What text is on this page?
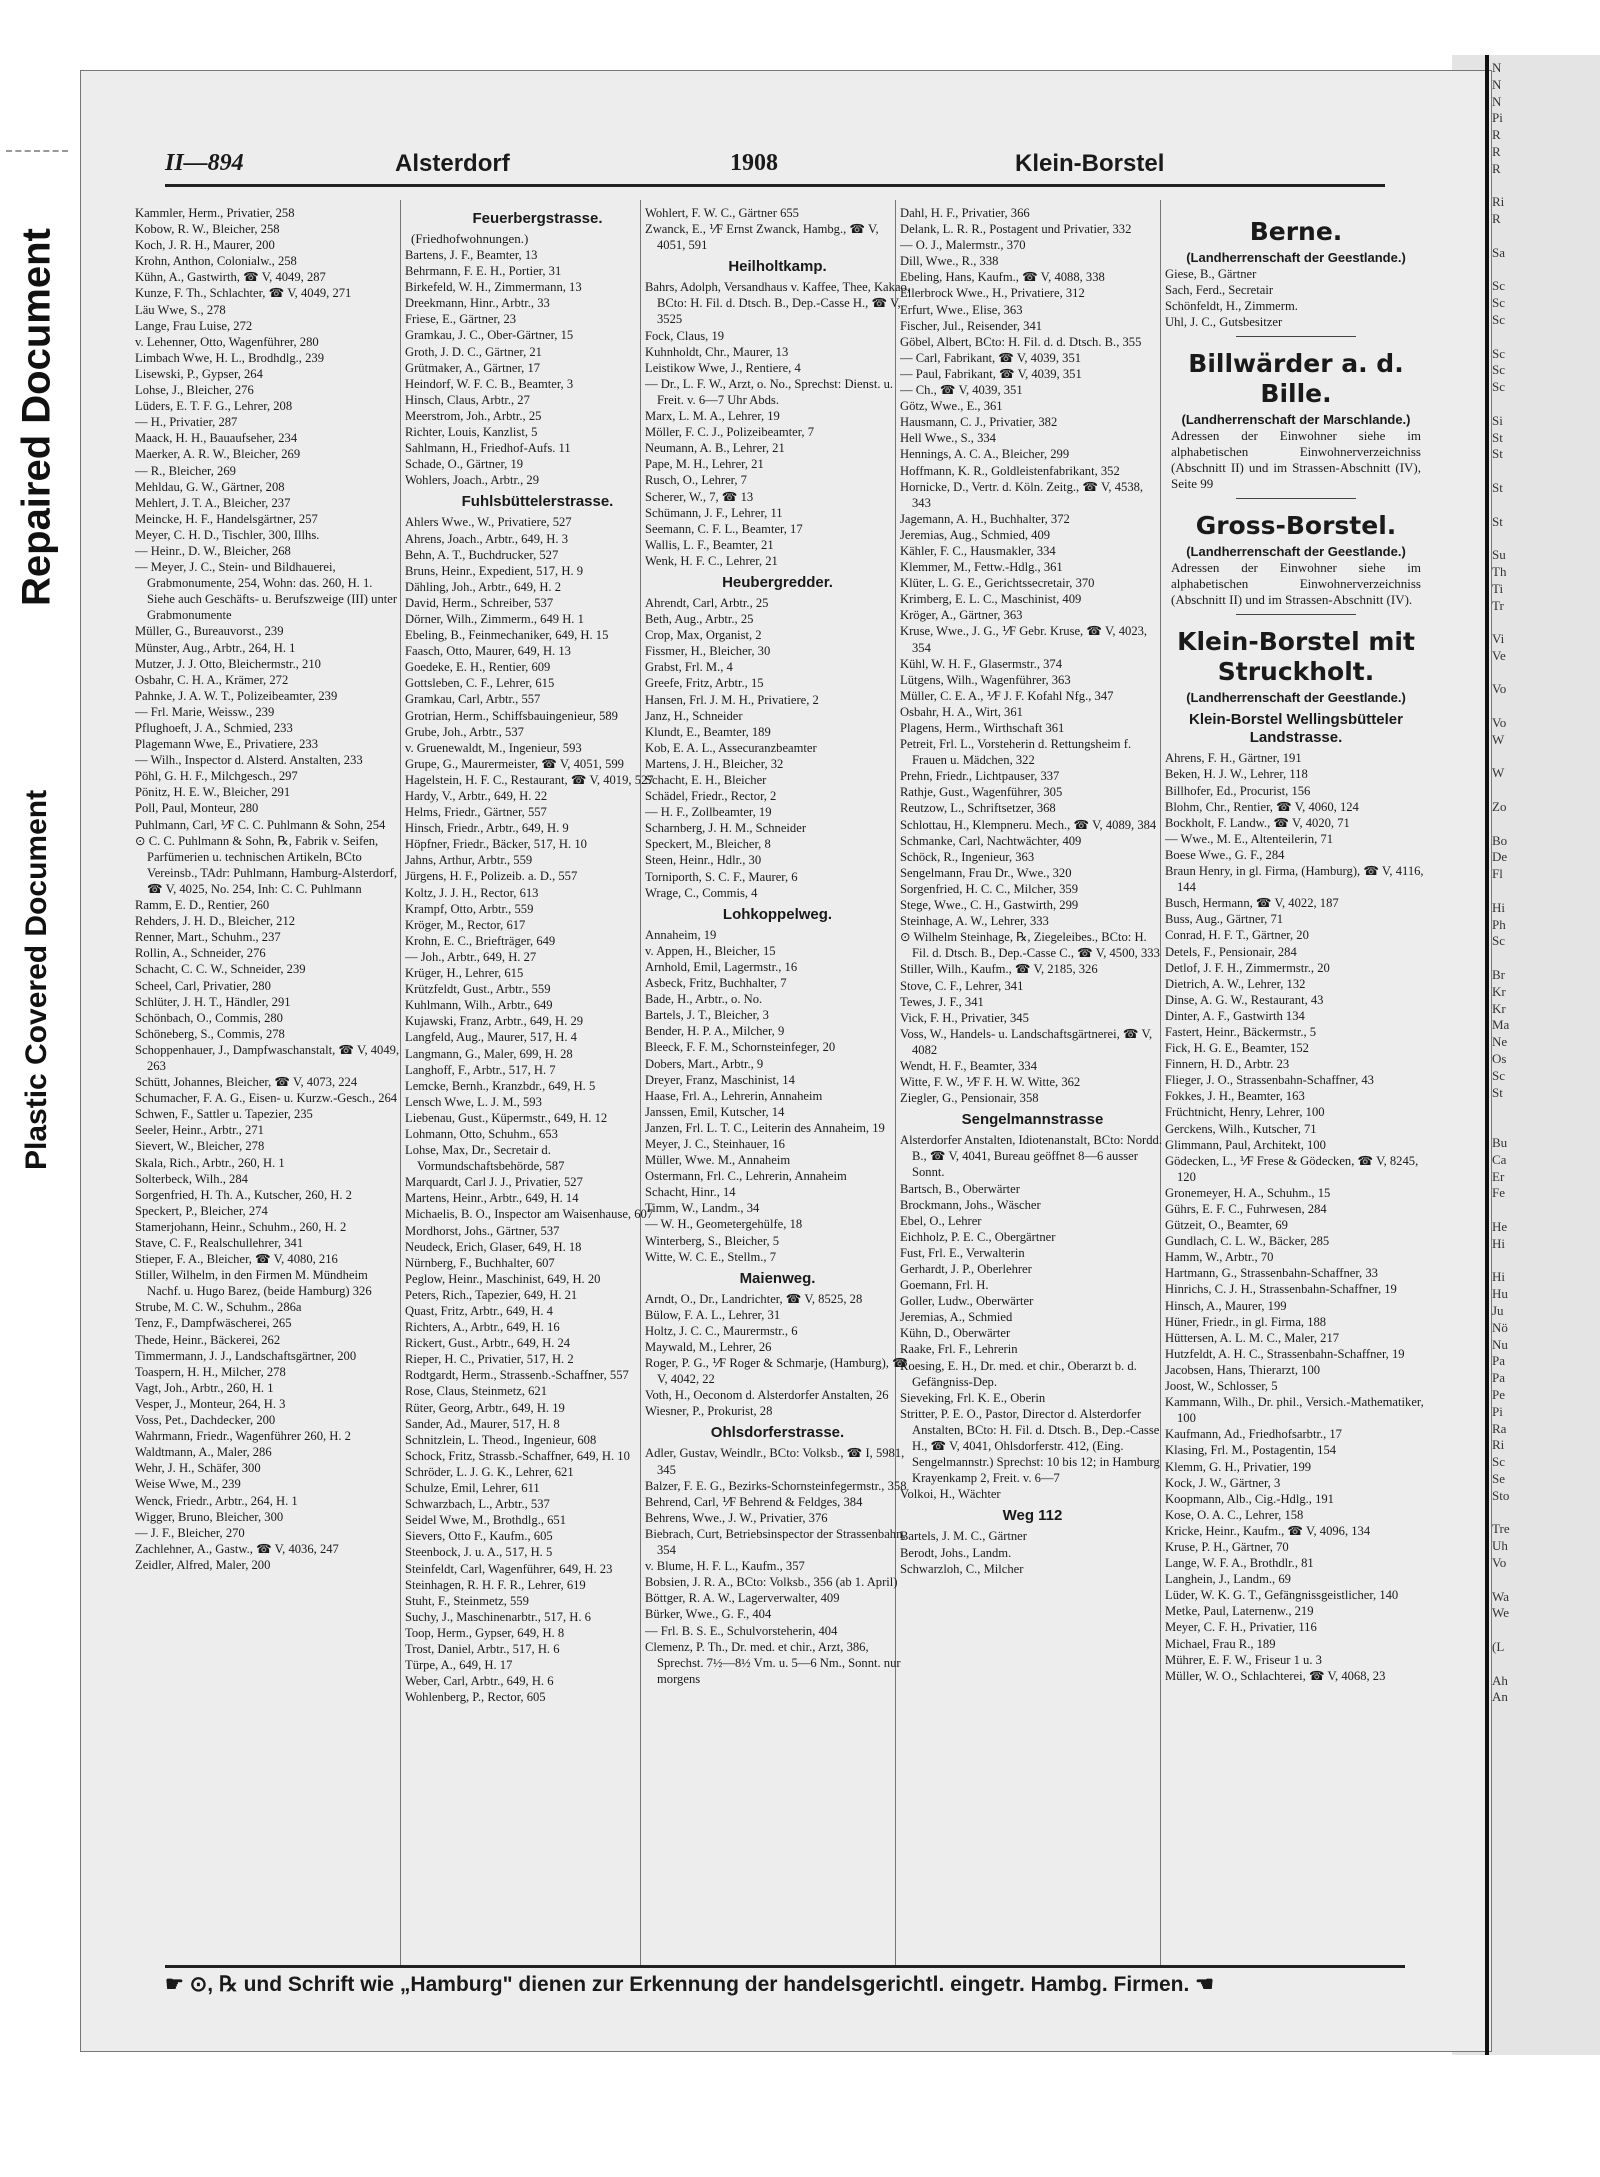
Repaired Document
Plastic Covered Document
N
N
N
Pi
R
R
R

Ri
R

Sa

Sc
Sc
Sc

Sc
Sc
Sc

Si
St
St

St

St

Su
Th
Ti
Tr

Vi
Ve

Vo

Vo
W

W

Zo

Bo
De
Fl

Hi
Ph
Sc

Br
Kr
Kr
Ma
Ne
Os
Sc
St

Bu
Ca
Er
Fe

He
Hi

Hi
Hu
Ju
Nö
Nu
Pa
Pa
Pe
Pi
Ra
Ri
Sc
Se
Sto

Tre
Uh
Vo

Wa
We

(L

Ah
An
II—894	Alsterdorf	1908	Klein-Borstel
Kammler, Herm., Privatier, 258
Kobow, R. W., Bleicher, 258
Koch, J. R. H., Maurer, 200
Krohn, Anthon, Colonialw., 258
Kühn, A., Gastwirth, ☎ V, 4049, 287
Kunze, F. Th., Schlachter, ☎ V, 4049, 271
Läu Wwe, S., 278
Lange, Frau Luise, 272
v. Lehenner, Otto, Wagenführer, 280
Limbach Wwe, H. L., Brodhdlg., 239
Lisewski, P., Gypser, 264
Lohse, J., Bleicher, 276
Lüders, E. T. F. G., Lehrer, 208
— H., Privatier, 287
Maack, H. H., Bauaufseher, 234
Maerker, A. R. W., Bleicher, 269
— R., Bleicher, 269
Mehldau, G. W., Gärtner, 208
Mehlert, J. T. A., Bleicher, 237
Meincke, H. F., Handelsgärtner, 257
Meyer, C. H. D., Tischler, 300, Illhs.
— Heinr., D. W., Bleicher, 268
— Meyer, J. C., Stein- und Bildhauerei, Grabmonumente, 254, Wohn: das. 260, H. 1. Siehe auch Geschäfts- u. Berufszweige (III) unter Grabmonumente
Müller, G., Bureauvorst., 239
Münster, Aug., Arbtr., 264, H. 1
Mutzer, J. J. Otto, Bleichermstr., 210
Osbahr, C. H. A., Krämer, 272
Pahnke, J. A. W. T., Polizeibeamter, 239
— Frl. Marie, Weissw., 239
Pflughoeft, J. A., Schmied, 233
Plagemann Wwe, E., Privatiere, 233
— Wilh., Inspector d. Alsterd. Anstalten, 233
Pöhl, G. H. F., Milchgesch., 297
Pönitz, H. E. W., Bleicher, 291
Poll, Paul, Monteur, 280
Puhlmann, Carl, ⅟F C. C. Puhlmann & Sohn, 254
⊙ C. C. Puhlmann & Sohn, ℞, Fabrik v. Seifen, Parfümerien u. technischen Artikeln, BCto Vereinsb., TAdr: Puhlmann, Hamburg-Alsterdorf, ☎ V, 4025, No. 254, Inh: C. C. Puhlmann
Ramm, E. D., Rentier, 260
Rehders, J. H. D., Bleicher, 212
Renner, Mart., Schuhm., 237
Rollin, A., Schneider, 276
Schacht, C. C. W., Schneider, 239
Scheel, Carl, Privatier, 280
Schlüter, J. H. T., Händler, 291
Schönbach, O., Commis, 280
Schöneberg, S., Commis, 278
Schoppenhauer, J., Dampfwaschanstalt, ☎ V, 4049, 263
Schütt, Johannes, Bleicher, ☎ V, 4073, 224
Schumacher, F. A. G., Eisen- u. Kurzw.-Gesch., 264
Schwen, F., Sattler u. Tapezier, 235
Seeler, Heinr., Arbtr., 271
Sievert, W., Bleicher, 278
Skala, Rich., Arbtr., 260, H. 1
Solterbeck, Wilh., 284
Sorgenfried, H. Th. A., Kutscher, 260, H. 2
Speckert, P., Bleicher, 274
Stamerjohann, Heinr., Schuhm., 260, H. 2
Stave, C. F., Realschullehrer, 341
Stieper, F. A., Bleicher, ☎ V, 4080, 216
Stiller, Wilhelm, in den Firmen M. Mündheim Nachf. u. Hugo Barez, (beide Hamburg) 326
Strube, M. C. W., Schuhm., 286a
Tenz, F., Dampfwäscherei, 265
Thede, Heinr., Bäckerei, 262
Timmermann, J. J., Landschaftsgärtner, 200
Toaspern, H. H., Milcher, 278
Vagt, Joh., Arbtr., 260, H. 1
Vesper, J., Monteur, 264, H. 3
Voss, Pet., Dachdecker, 200
Wahrmann, Friedr., Wagenführer 260, H. 2
Waldtmann, A., Maler, 286
Wehr, J. H., Schäfer, 300
Weise Wwe, M., 239
Wenck, Friedr., Arbtr., 264, H. 1
Wigger, Bruno, Bleicher, 300
— J. F., Bleicher, 270
Zachlehner, A., Gastw., ☎ V, 4036, 247
Zeidler, Alfred, Maler, 200
Feuerbergstrasse.
(Friedhofwohnungen.)
Bartens, J. F., Beamter, 13
Behrmann, F. E. H., Portier, 31
Birkefeld, W. H., Zimmermann, 13
Dreekmann, Hinr., Arbtr., 33
Friese, E., Gärtner, 23
Gramkau, J. C., Ober-Gärtner, 15
Groth, J. D. C., Gärtner, 21
Grütmaker, A., Gärtner, 17
Heindorf, W. F. C. B., Beamter, 3
Hinsch, Claus, Arbtr., 27
Meerstrom, Joh., Arbtr., 25
Richter, Louis, Kanzlist, 5
Sahlmann, H., Friedhof-Aufs. 11
Schade, O., Gärtner, 19
Wohlers, Joach., Arbtr., 29
Fuhlsbüttelerstrasse.
Ahlers Wwe., W., Privatiere, 527
Ahrens, Joach., Arbtr., 649, H. 3
Behn, A. T., Buchdrucker, 527
Bruns, Heinr., Expedient, 517, H. 9
Dähling, Joh., Arbtr., 649, H. 2
David, Herm., Schreiber, 537
Dörner, Wilh., Zimmerm., 649 H. 1
Ebeling, B., Feinmechaniker, 649, H. 15
Faasch, Otto, Maurer, 649, H. 13
Goedeke, E. H., Rentier, 609
Gottsleben, C. F., Lehrer, 615
Gramkau, Carl, Arbtr., 557
Grotrian, Herm., Schiffsbauingenieur, 589
Grube, Joh., Arbtr., 537
v. Gruenewaldt, M., Ingenieur, 593
Grupe, G., Maurermeister, ☎ V, 4051, 599
Hagelstein, H. F. C., Restaurant, ☎ V, 4019, 527
Hardy, V., Arbtr., 649, H. 22
Helms, Friedr., Gärtner, 557
Hinsch, Friedr., Arbtr., 649, H. 9
Höpfner, Friedr., Bäcker, 517, H. 10
Jahns, Arthur, Arbtr., 559
Jürgens, H. F., Polizeib. a. D., 557
Koltz, J. J. H., Rector, 613
Krampf, Otto, Arbtr., 559
Kröger, M., Rector, 617
Krohn, E. C., Briefträger, 649
— Joh., Arbtr., 649, H. 27
Krüger, H., Lehrer, 615
Krützfeldt, Gust., Arbtr., 559
Kuhlmann, Wilh., Arbtr., 649
Kujawski, Franz, Arbtr., 649, H. 29
Langfeld, Aug., Maurer, 517, H. 4
Langmann, G., Maler, 699, H. 28
Langhoff, F., Arbtr., 517, H. 7
Lemcke, Bernh., Kranzbdr., 649, H. 5
Lensch Wwe, L. J. M., 593
Liebenau, Gust., Küpermstr., 649, H. 12
Lohmann, Otto, Schuhm., 653
Lohse, Max, Dr., Secretair d. Vormundschaftsbehörde, 587
Marquardt, Carl J. J., Privatier, 527
Martens, Heinr., Arbtr., 649, H. 14
Michaelis, B. O., Inspector am Waisenhause, 607
Mordhorst, Johs., Gärtner, 537
Neudeck, Erich, Glaser, 649, H. 18
Nürnberg, F., Buchhalter, 607
Peglow, Heinr., Maschinist, 649, H. 20
Peters, Rich., Tapezier, 649, H. 21
Quast, Fritz, Arbtr., 649, H. 4
Richters, A., Arbtr., 649, H. 16
Rickert, Gust., Arbtr., 649, H. 24
Rieper, H. C., Privatier, 517, H. 2
Rodtgardt, Herm., Strassenb.-Schaffner, 557
Rose, Claus, Steinmetz, 621
Rüter, Georg, Arbtr., 649, H. 19
Sander, Ad., Maurer, 517, H. 8
Schnitzlein, L. Theod., Ingenieur, 608
Schock, Fritz, Strassb.-Schaffner, 649, H. 10
Schröder, L. J. G. K., Lehrer, 621
Schulze, Emil, Lehrer, 611
Schwarzbach, L., Arbtr., 537
Seidel Wwe, M., Brothdlg., 651
Sievers, Otto F., Kaufm., 605
Steenbock, J. u. A., 517, H. 5
Steinfeldt, Carl, Wagenführer, 649, H. 23
Steinhagen, R. H. F. R., Lehrer, 619
Stuht, F., Steinmetz, 559
Suchy, J., Maschinenarbtr., 517, H. 6
Toop, Herm., Gypser, 649, H. 8
Trost, Daniel, Arbtr., 517, H. 6
Türpe, A., 649, H. 17
Weber, Carl, Arbtr., 649, H. 6
Wohlenberg, P., Rector, 605
Wohlert, F. W. C., Gärtner 655
Zwanck, E., ⅟F Ernst Zwanck, Hambg., ☎ V, 4051, 591
Heilholtkamp.
Bahrs, Adolph, Versandhaus v. Kaffee, Thee, Kakao, BCto: H. Fil. d. Dtsch. B., Dep.-Casse H., ☎ V, 3525
Fock, Claus, 19
Kuhnholdt, Chr., Maurer, 13
Leistikow Wwe, J., Rentiere, 4
— Dr., L. F. W., Arzt, o. No., Sprechst: Dienst. u. Freit. v. 6—7 Uhr Abds.
Marx, L. M. A., Lehrer, 19
Möller, F. C. J., Polizeibeamter, 7
Neumann, A. B., Lehrer, 21
Pape, M. H., Lehrer, 21
Rusch, O., Lehrer, 7
Scherer, W., 7, ☎ 13
Schümann, J. F., Lehrer, 11
Seemann, C. F. L., Beamter, 17
Wallis, L. F., Beamter, 21
Wenk, H. F. C., Lehrer, 21
Heubergredder.
Ahrendt, Carl, Arbtr., 25
Beth, Aug., Arbtr., 25
Crop, Max, Organist, 2
Fissmer, H., Bleicher, 30
Grabst, Frl. M., 4
Greefe, Fritz, Arbtr., 15
Hansen, Frl. J. M. H., Privatiere, 2
Janz, H., Schneider
Klundt, E., Beamter, 189
Kob, E. A. L., Assecuranzbeamter
Martens, J. H., Bleicher, 32
Schacht, E. H., Bleicher
Schädel, Friedr., Rector, 2
— H. F., Zollbeamter, 19
Scharnberg, J. H. M., Schneider
Speckert, M., Bleicher, 8
Steen, Heinr., Hdlr., 30
Torniporth, S. C. F., Maurer, 6
Wrage, C., Commis, 4
Lohkoppelweg.
Annaheim, 19
v. Appen, H., Bleicher, 15
Arnhold, Emil, Lagermstr., 16
Asbeck, Fritz, Buchhalter, 7
Bade, H., Arbtr., o. No.
Bartels, J. T., Bleicher, 3
Bender, H. P. A., Milcher, 9
Bleeck, F. F. M., Schornsteinfeger, 20
Dobers, Mart., Arbtr., 9
Dreyer, Franz, Maschinist, 14
Haase, Frl. A., Lehrerin, Annaheim
Janssen, Emil, Kutscher, 14
Janzen, Frl. L. T. C., Leiterin des Annaheim, 19
Meyer, J. C., Steinhauer, 16
Müller, Wwe. M., Annaheim
Ostermann, Frl. C., Lehrerin, Annaheim
Schacht, Hinr., 14
Timm, W., Landm., 34
— W. H., Geometergehülfe, 18
Winterberg, S., Bleicher, 5
Witte, W. C. E., Stellm., 7
Maienweg.
Arndt, O., Dr., Landrichter, ☎ V, 8525, 28
Bülow, F. A. L., Lehrer, 31
Holtz, J. C. C., Maurermstr., 6
Maywald, M., Lehrer, 26
Roger, P. G., ⅟F Roger & Schmarje, (Hamburg), ☎ V, 4042, 22
Voth, H., Oeconom d. Alsterdorfer Anstalten, 26
Wiesner, P., Prokurist, 28
Ohlsdorferstrasse.
Adler, Gustav, Weindlr., BCto: Volksb., ☎ I, 5981, 345
Balzer, F. E. G., Bezirks-Schornsteinfegermstr., 358
Behrend, Carl, ⅟F Behrend & Feldges, 384
Behrens, Wwe., J. W., Privatier, 376
Biebrach, Curt, Betriebsinspector der Strassenbahn, 354
v. Blume, H. F. L., Kaufm., 357
Bobsien, J. R. A., BCto: Volksb., 356 (ab 1. April)
Böttger, R. A. W., Lagerverwalter, 409
Bürker, Wwe., G. F., 404
— Frl. B. S. E., Schulvorsteherin, 404
Clemenz, P. Th., Dr. med. et chir., Arzt, 386, Sprechst. 7½—8½ Vm. u. 5—6 Nm., Sonnt. nur morgens
Dahl, H. F., Privatier, 366
Delank, L. R. R., Postagent und Privatier, 332
— O. J., Malermstr., 370
Dill, Wwe., R., 338
Ebeling, Hans, Kaufm., ☎ V, 4088, 338
Ellerbrock Wwe., H., Privatiere, 312
Erfurt, Wwe., Elise, 363
Fischer, Jul., Reisender, 341
Göbel, Albert, BCto: H. Fil. d. d. Dtsch. B., 355
— Carl, Fabrikant, ☎ V, 4039, 351
— Paul, Fabrikant, ☎ V, 4039, 351
— Ch., ☎ V, 4039, 351
Götz, Wwe., E., 361
Hausmann, C. J., Privatier, 382
Hell Wwe., S., 334
Hennings, A. C. A., Bleicher, 299
Hoffmann, K. R., Goldleistenfabrikant, 352
Hornicke, D., Vertr. d. Köln. Zeitg., ☎ V, 4538, 343
Jagemann, A. H., Buchhalter, 372
Jeremias, Aug., Schmied, 409
Kähler, F. C., Hausmakler, 334
Klemmer, M., Fettw.-Hdlg., 361
Klüter, L. G. E., Gerichtssecretair, 370
Krimberg, E. L. C., Maschinist, 409
Kröger, A., Gärtner, 363
Kruse, Wwe., J. G., ⅟F Gebr. Kruse, ☎ V, 4023, 354
Kühl, W. H. F., Glasermstr., 374
Lütgens, Wilh., Wagenführer, 363
Müller, C. E. A., ⅟F J. F. Kofahl Nfg., 347
Osbahr, H. A., Wirt, 361
Plagens, Herm., Wirthschaft 361
Petreit, Frl. L., Vorsteherin d. Rettungsheim f. Frauen u. Mädchen, 322
Prehn, Friedr., Lichtpauser, 337
Rathje, Gust., Wagenführer, 305
Reutzow, L., Schriftsetzer, 368
Schlottau, H., Klempneru. Mech., ☎ V, 4089, 384
Schmanke, Carl, Nachtwächter, 409
Schöck, R., Ingenieur, 363
Sengelmann, Frau Dr., Wwe., 320
Sorgenfried, H. C. C., Milcher, 359
Stege, Wwe., C. H., Gastwirth, 299
Steinhage, A. W., Lehrer, 333
⊙ Wilhelm Steinhage, ℞, Ziegeleibes., BCto: H. Fil. d. Dtsch. B., Dep.-Casse C., ☎ V, 4500, 333
Stiller, Wilh., Kaufm., ☎ V, 2185, 326
Stove, C. F., Lehrer, 341
Tewes, J. F., 341
Vick, F. H., Privatier, 345
Voss, W., Handels- u. Landschaftsgärtnerei, ☎ V, 4082
Wendt, H. F., Beamter, 334
Witte, F. W., ⅟F F. H. W. Witte, 362
Ziegler, G., Pensionair, 358
Sengelmannstrasse
Alsterdorfer Anstalten, Idiotenanstalt, BCto: Nordd. B., ☎ V, 4041, Bureau geöffnet 8—6 ausser Sonnt.
Bartsch, B., Oberwärter
Brockmann, Johs., Wäscher
Ebel, O., Lehrer
Eichholz, P. E. C., Obergärtner
Fust, Frl. E., Verwalterin
Gerhardt, J. P., Oberlehrer
Goemann, Frl. H.
Goller, Ludw., Oberwärter
Jeremias, A., Schmied
Kühn, D., Oberwärter
Raake, Frl. F., Lehrerin
Roesing, E. H., Dr. med. et chir., Oberarzt b. d. Gefängniss-Dep.
Sieveking, Frl. K. E., Oberin
Stritter, P. E. O., Pastor, Director d. Alsterdorfer Anstalten, BCto: H. Fil. d. Dtsch. B., Dep.-Casse H., ☎ V, 4041, Ohlsdorferstr. 412, (Eing. Sengelmannstr.) Sprechst: 10 bis 12; in Hamburg Krayenkamp 2, Freit. v. 6—7
Volkoi, H., Wächter
Weg 112
Bartels, J. M. C., Gärtner
Berodt, Johs., Landm.
Schwarzloh, C., Milcher
Berne.
(Landherrenschaft der Geestlande.)
Giese, B., Gärtner
Sach, Ferd., Secretair
Schönfeldt, H., Zimmerm.
Uhl, J. C., Gutsbesitzer
Billwärder a. d. Bille.
(Landherrenschaft der Marschlande.)
Adressen der Einwohner siehe im alphabetischen Einwohnerverzeichniss (Abschnitt II) und im Strassen-Abschnitt (IV), Seite 99
Gross-Borstel.
(Landherrenschaft der Geestlande.)
Adressen der Einwohner siehe im alphabetischen Einwohnerverzeichniss (Abschnitt II) und im Strassen-Abschnitt (IV).
Klein-Borstel mit Struckholt.
(Landherrenschaft der Geestlande.)
Klein-Borstel Wellingsbütteler Landstrasse.
Ahrens, F. H., Gärtner, 191
Beken, H. J. W., Lehrer, 118
Billhofer, Ed., Procurist, 156
Blohm, Chr., Rentier, ☎ V, 4060, 124
Bockholt, F. Landw., ☎ V, 4020, 71
— Wwe., M. E., Altenteilerin, 71
Boese Wwe., G. F., 284
Braun Henry, in gl. Firma, (Hamburg), ☎ V, 4116, 144
Busch, Hermann, ☎ V, 4022, 187
Buss, Aug., Gärtner, 71
Conrad, H. F. T., Gärtner, 20
Detels, F., Pensionair, 284
Detlof, J. F. H., Zimmermstr., 20
Dietrich, A. W., Lehrer, 132
Dinse, A. G. W., Restaurant, 43
Dinter, A. F., Gastwirth 134
Fastert, Heinr., Bäckermstr., 5
Fick, H. G. E., Beamter, 152
Finnern, H. D., Arbtr. 23
Flieger, J. O., Strassenbahn-Schaffner, 43
Fokkes, J. H., Beamter, 163
Früchtnicht, Henry, Lehrer, 100
Gerckens, Wilh., Kutscher, 71
Glimmann, Paul, Architekt, 100
Gödecken, L., ⅟F Frese & Gödecken, ☎ V, 8245, 120
Gronemeyer, H. A., Schuhm., 15
Gührs, E. F. C., Fuhrwesen, 284
Gützeit, O., Beamter, 69
Gundlach, C. L. W., Bäcker, 285
Hamm, W., Arbtr., 70
Hartmann, G., Strassenbahn-Schaffner, 33
Hinrichs, C. J. H., Strassenbahn-Schaffner, 19
Hinsch, A., Maurer, 199
Hüner, Friedr., in gl. Firma, 188
Hüttersen, A. L. M. C., Maler, 217
Hutzfeldt, A. H. C., Strassenbahn-Schaffner, 19
Jacobsen, Hans, Thierarzt, 100
Joost, W., Schlosser, 5
Kammann, Wilh., Dr. phil., Versich.-Mathematiker, 100
Kaufmann, Ad., Friedhofsarbtr., 17
Klasing, Frl. M., Postagentin, 154
Klemm, G. H., Privatier, 199
Kock, J. W., Gärtner, 3
Koopmann, Alb., Cig.-Hdlg., 191
Kose, O. A. C., Lehrer, 158
Kricke, Heinr., Kaufm., ☎ V, 4096, 134
Kruse, P. H., Gärtner, 70
Lange, W. F. A., Brothdlr., 81
Langhein, J., Landm., 69
Lüder, W. K. G. T., Gefängnissgeistlicher, 140
Metke, Paul, Laternenw., 219
Meyer, C. F. H., Privatier, 116
Michael, Frau R., 189
Mührer, E. F. W., Friseur 1 u. 3
Müller, W. O., Schlachterei, ☎ V, 4068, 23
☛ ⊙, ℞ und Schrift wie „Hamburg" dienen zur Erkennung der handelsgerichtl. eingetr. Hambg. Firmen. ☚
